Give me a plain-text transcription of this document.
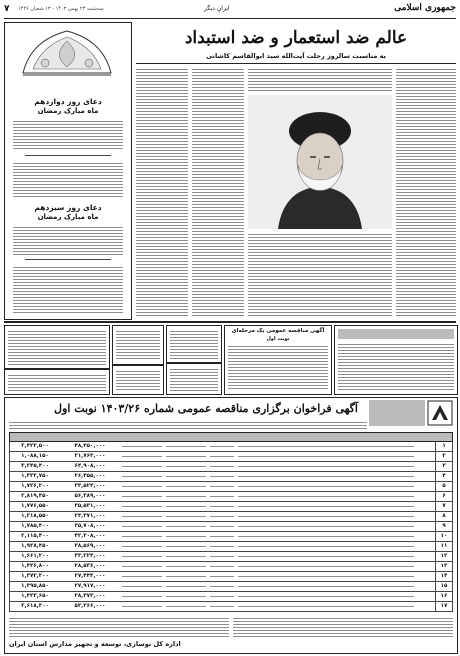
۷ سه‌شنبه ۲۳ بهمن ۱۴۰۳ - ۱۳ شعبان ۱۴۴۶	ایرانِ دیگر	جمهوری اسلامی
دعای روز دوازدهم
ماه مبارک رمضان
دعای روز سیزدهم
ماه مبارک رمضان
عالم ضد استعمار و ضد استبداد
به مناسبت سالروز رحلت آیت‌الله سید ابوالقاسم کاشانی
آگهی مناقصه عمومی یک مرحله‌ای
نوبت اول
آگهی فراخوان برگزاری مناقصه عمومی شماره ۱۴۰۳/۲۶ نوبت اول
۲,۴۲۲,۵۰۰	۴۸,۴۵۰,۰۰۰	۱
۱,۰۸۸,۱۵۰	۲۱,۷۶۳,۰۰۰	۲
۳,۲۴۵,۴۰۰	۶۴,۹۰۸,۰۰۰	۳
۱,۳۲۲,۷۵۰	۲۶,۴۵۵,۰۰۰	۴
۱,۷۲۶,۲۰۰	۳۴,۵۲۴,۰۰۰	۵
۲,۸۱۹,۴۵۰	۵۶,۳۸۹,۰۰۰	۶
۱,۷۷۶,۵۵۰	۳۵,۵۳۱,۰۰۰	۷
۱,۲۱۸,۵۵۰	۲۴,۳۷۱,۰۰۰	۸
۱,۷۸۵,۴۰۰	۳۵,۷۰۸,۰۰۰	۹
۲,۱۱۵,۴۰۰	۴۲,۳۰۸,۰۰۰	۱۰
۱,۹۲۸,۴۵۰	۳۸,۵۶۹,۰۰۰	۱۱
۱,۶۶۱,۲۰۰	۳۳,۲۲۴,۰۰۰	۱۲
۱,۴۲۶,۸۰۰	۲۸,۵۳۶,۰۰۰	۱۳
۱,۳۷۲,۲۰۰	۲۷,۴۴۴,۰۰۰	۱۴
۱,۳۹۵,۸۵۰	۲۷,۹۱۷,۰۰۰	۱۵
۱,۴۲۳,۶۵۰	۲۸,۴۷۳,۰۰۰	۱۶
۲,۶۱۸,۳۰۰	۵۲,۳۶۶,۰۰۰	۱۷
اداره کل نوسازی، توسعه و تجهیز مدارس استان ایران
